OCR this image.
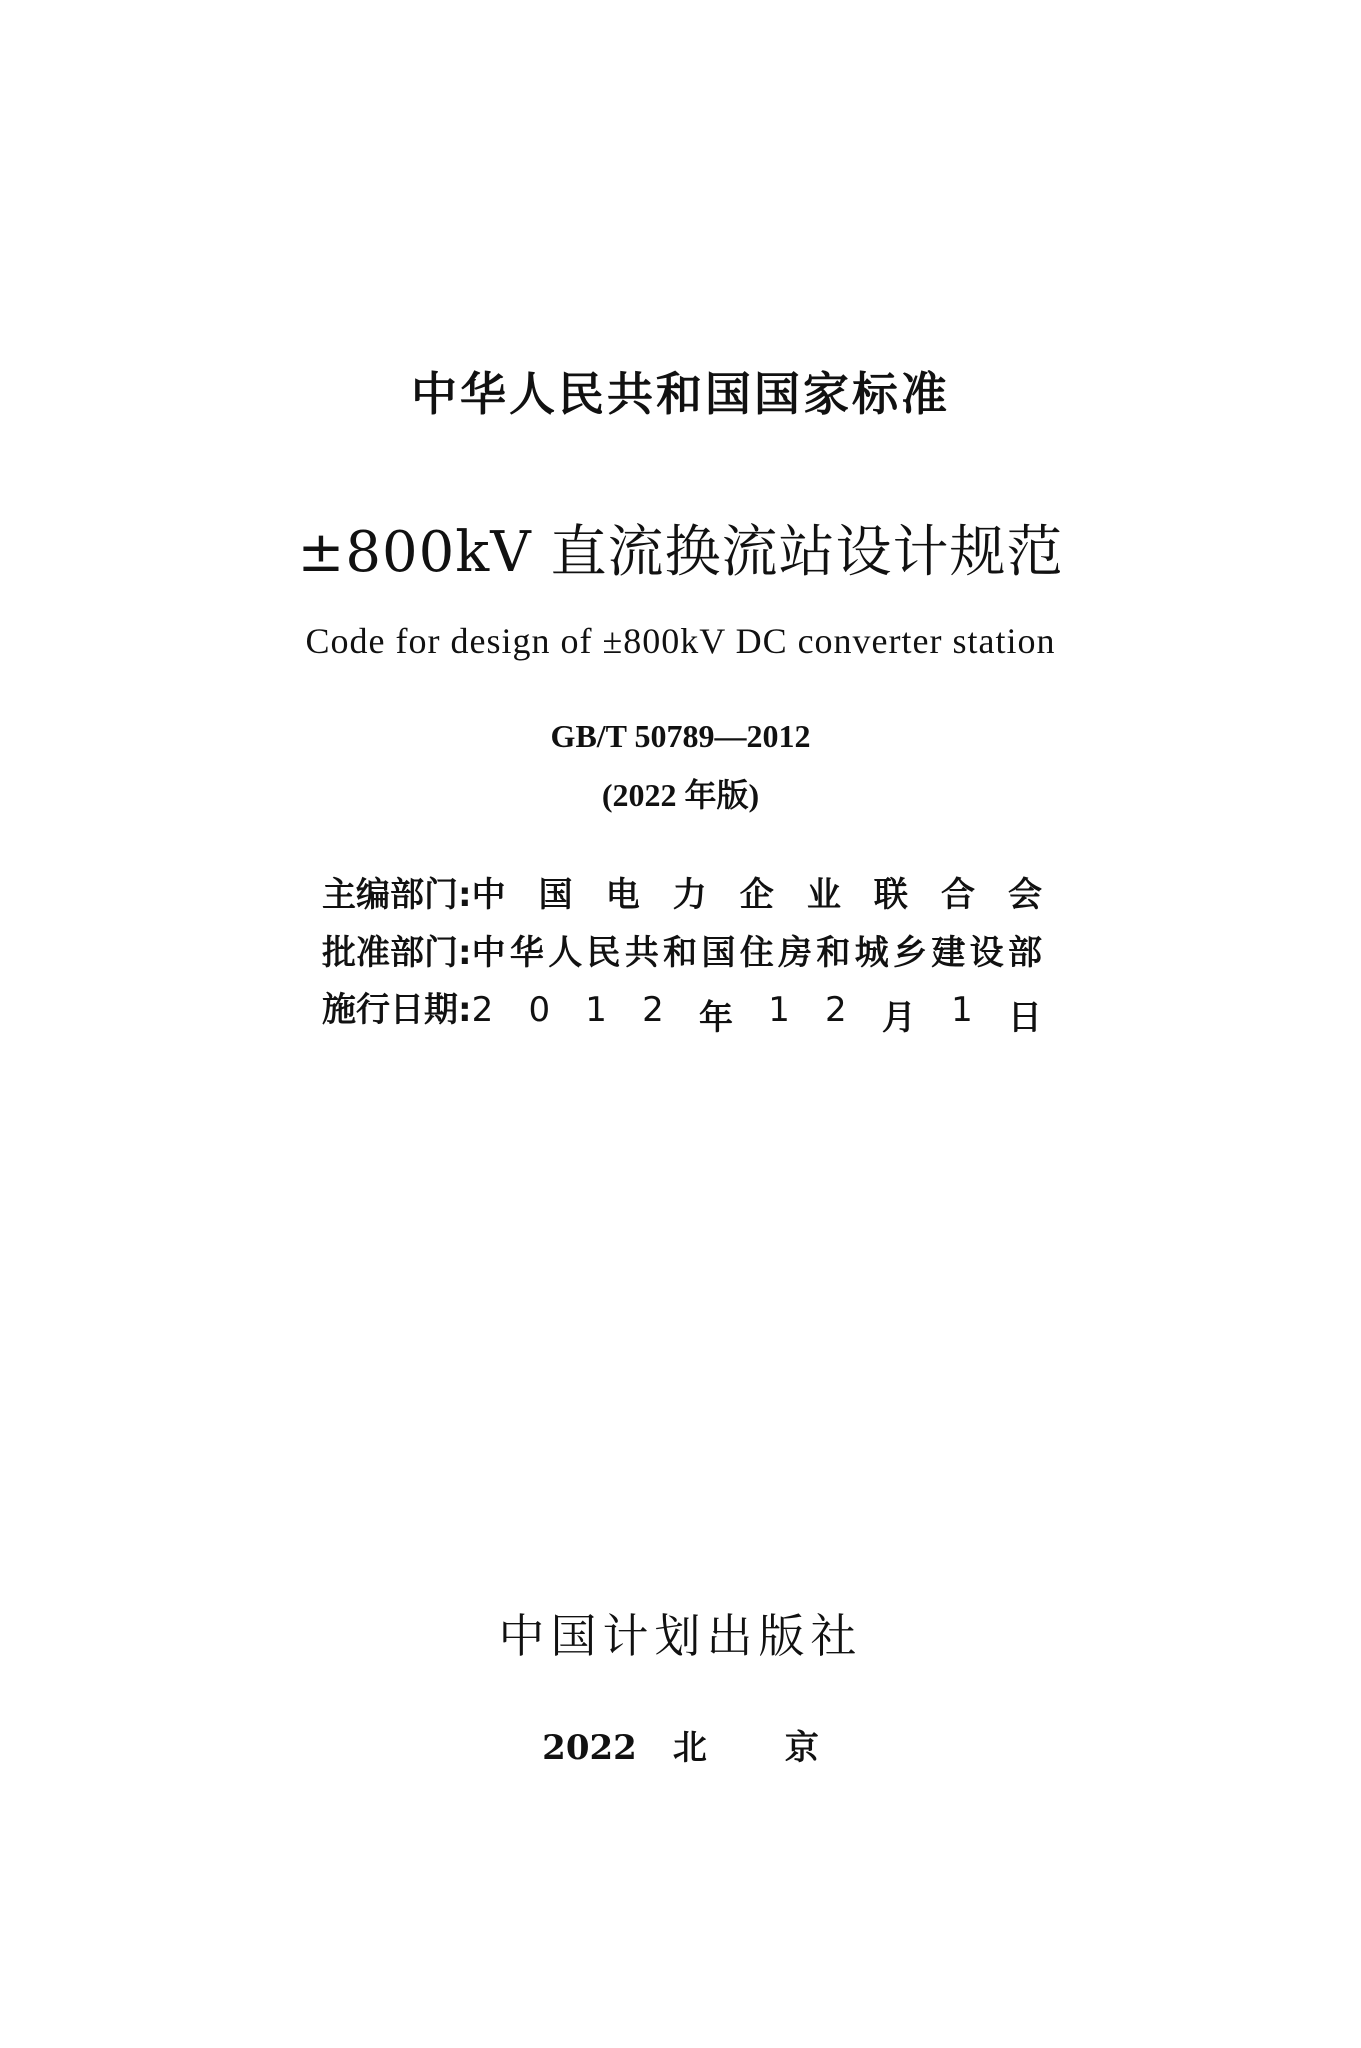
中华人民共和国国家标准
±800kV 直流换流站设计规范
Code for design of ±800kV DC converter station
GB/T 50789—2012
(2022 年版)
主编部门: 中 国 电 力 企 业 联 合 会
批准部门: 中 华 人 民 共 和 国 住 房 和 城 乡 建 设 部
施行日期: 2 0 1 2 年 1 2 月 1 日
中国计划出版社
2022 北 京
